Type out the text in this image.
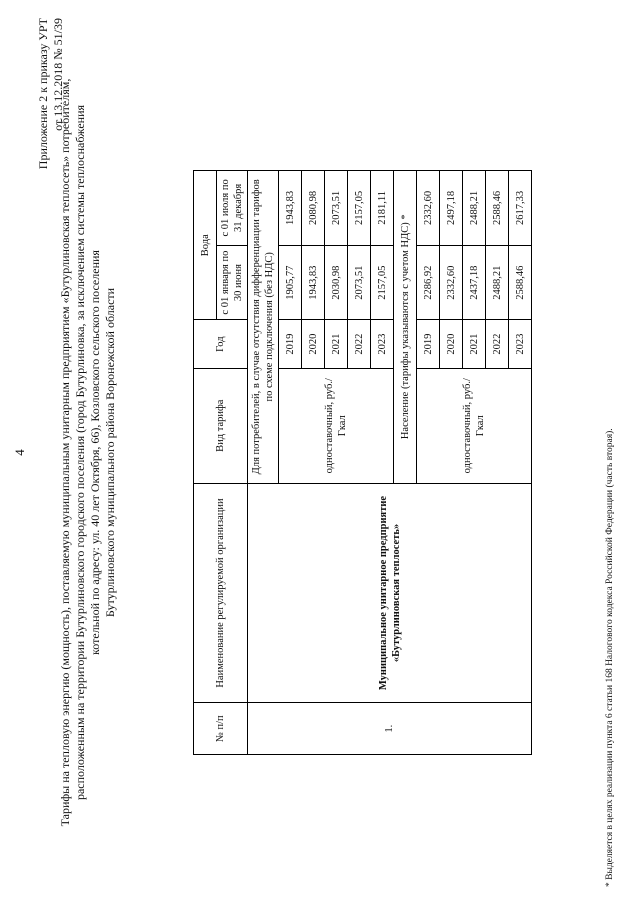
4
Приложение 2 к приказу УРТ от 13.12.2018 № 51/39
Тарифы на тепловую энергию (мощность), поставляемую муниципальным унитарным предприятием «Бутурлиновская теплосеть» потребителям, расположенным на территории Бутурлиновского городского поселения (город Бутурлиновка, за исключением системы теплоснабжения котельной по адресу: ул. 40 лет Октября, 66), Козловского сельского поселения Бутурлиновского муниципального района Воронежской области
№ п/п	Наименование регулируемой организации	Вид тарифа	Год	Вода	
				с 01 января по 30 июня	с 01 июля по 31 декабря
1.	Муниципальное унитарное предприятие «Бутурлиновская теплосеть»	Для потребителей, в случае отсутствия дифференциации тарифов по схеме подключения (без НДС)			
		одноставочный, руб./Гкал	2019	1905,77	1943,83
			2020	1943,83	2080,98
			2021	2030,98	2073,51
			2022	2073,51	2157,05
			2023	2157,05	2181,11
		Население (тарифы указываются с учетом НДС) *			
		одноставочный, руб./Гкал	2019	2286,92	2332,60
			2020	2332,60	2497,18
			2021	2437,18	2488,21
			2022	2488,21	2588,46
			2023	2588,46	2617,33
* Выделяется в целях реализации пункта 6 статьи 168 Налогового кодекса Российской Федерации (часть вторая).
